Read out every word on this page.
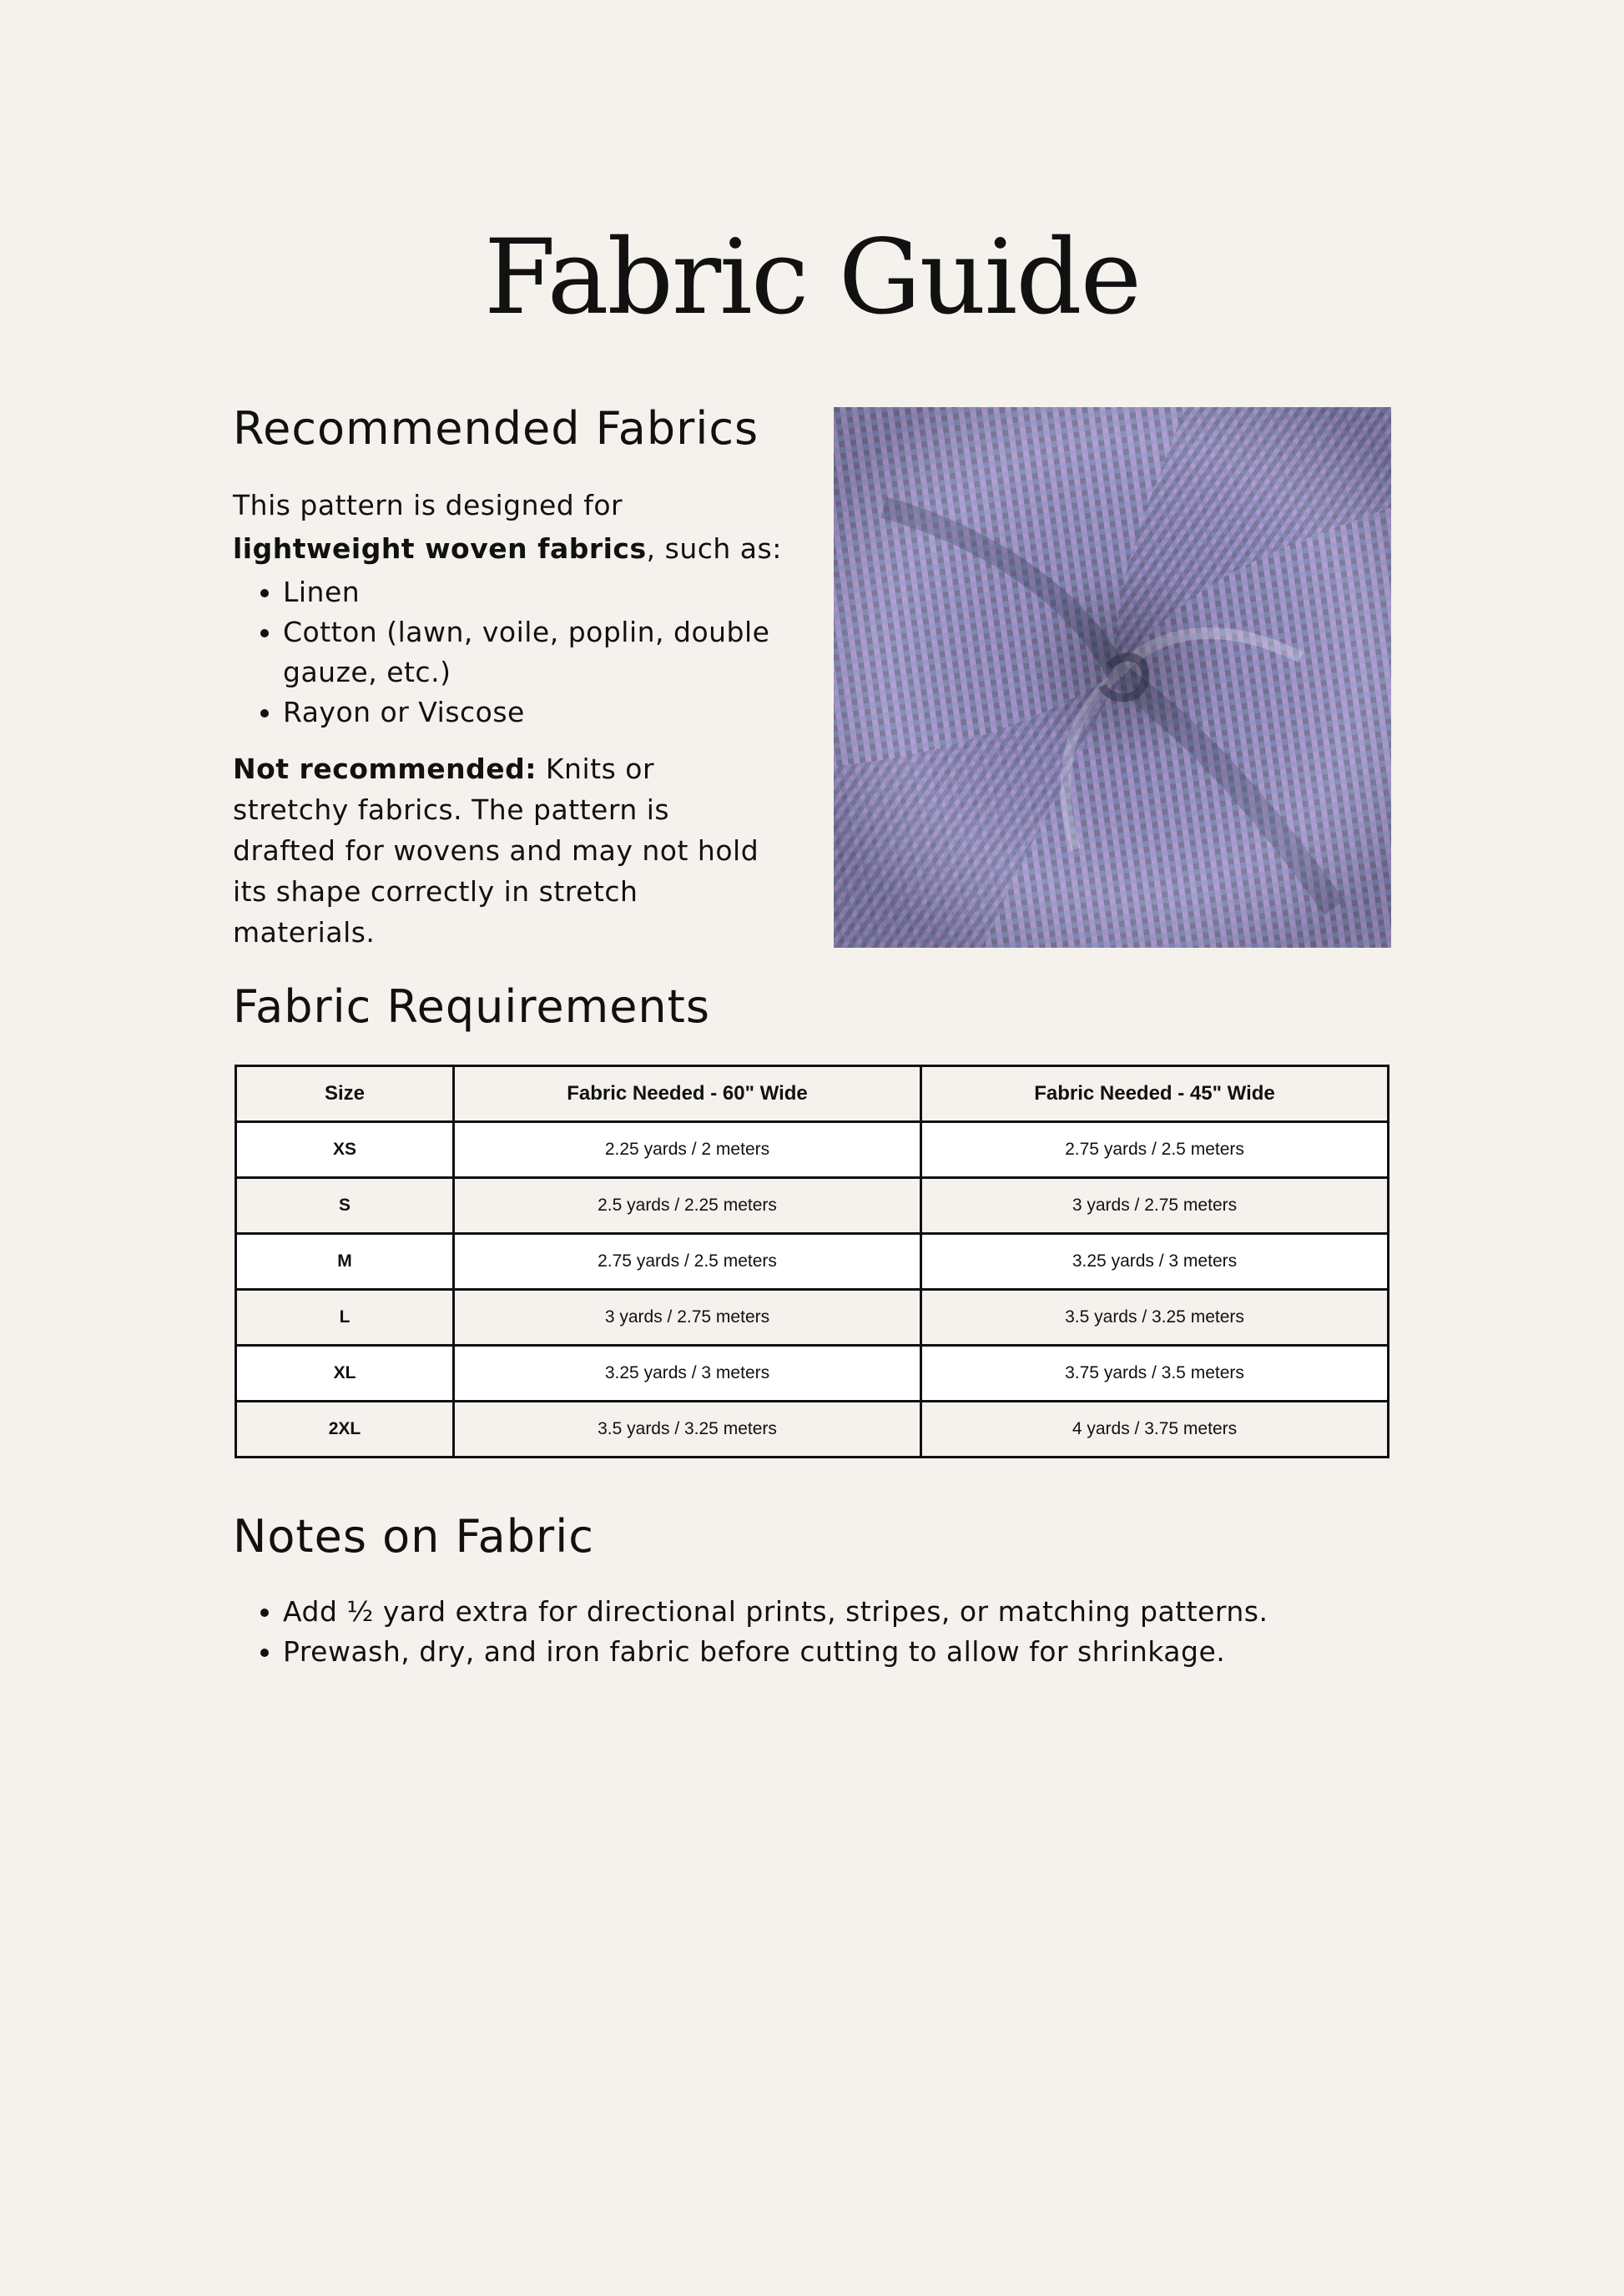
Fabric Guide
Recommended Fabrics

This pattern is designed for lightweight woven fabrics, such as:

• Linen
• Cotton (lawn, voile, poplin, double gauze, etc.)
• Rayon or Viscose

Not recommended: Knits or stretchy fabrics. The pattern is drafted for wovens and may not hold its shape correctly in stretch materials.

Fabric Requirements
Size	Fabric Needed - 60" Wide	Fabric Needed - 45" Wide
XS	2.25 yards / 2 meters	2.75 yards / 2.5 meters
S	2.5 yards / 2.25 meters	3 yards / 2.75 meters
M	2.75 yards / 2.5 meters	3.25 yards / 3 meters
L	3 yards / 2.75 meters	3.5 yards / 3.25 meters
XL	3.25 yards / 3 meters	3.75 yards / 3.5 meters
2XL	3.5 yards / 3.25 meters	4 yards / 3.75 meters
Notes on Fabric
• Add ½ yard extra for directional prints, stripes, or matching patterns.
• Prewash, dry, and iron fabric before cutting to allow for shrinkage.
